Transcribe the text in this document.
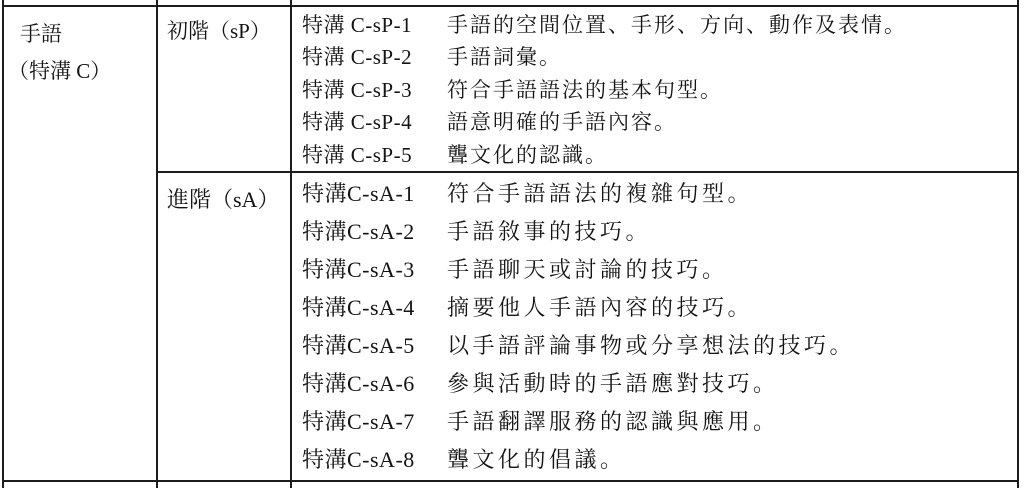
手語
（特溝 C）
初階（sP）	特溝 C-sP-1	手語的空間位置、手形、方向、動作及表情。
特溝 C-sP-2	手語詞彙。
特溝 C-sP-3	符合手語語法的基本句型。
特溝 C-sP-4	語意明確的手語內容。
特溝 C-sP-5	聾文化的認識。
進階（sA）	特溝C-sA-1	符合手語語法的複雜句型。
特溝C-sA-2	手語敘事的技巧。
特溝C-sA-3	手語聊天或討論的技巧。
特溝C-sA-4	摘要他人手語內容的技巧。
特溝C-sA-5	以手語評論事物或分享想法的技巧。
特溝C-sA-6	參與活動時的手語應對技巧。
特溝C-sA-7	手語翻譯服務的認識與應用。
特溝C-sA-8	聾文化的倡議。
